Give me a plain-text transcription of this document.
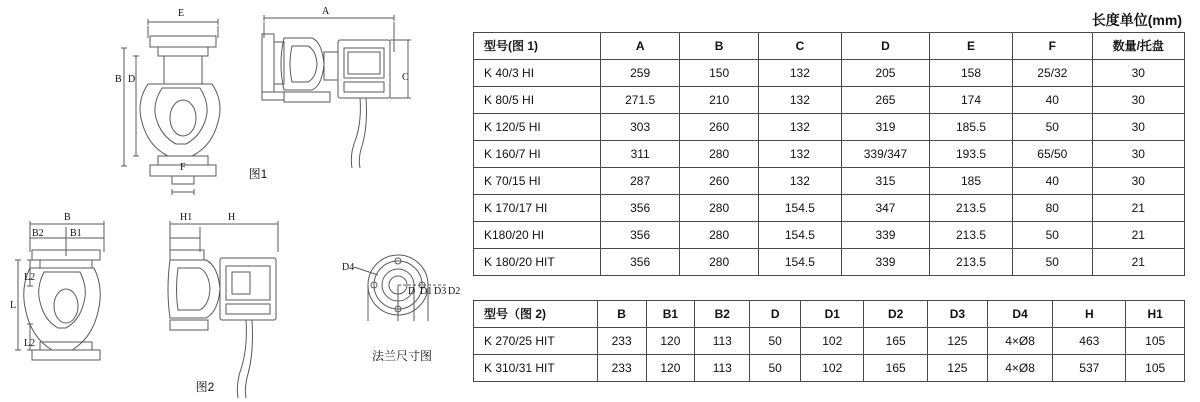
长度单位(mm)
E
D
B
F
A
C
图1
B
B2	B1
L2
L
L2
H1	H
图2
D4
D D1 D3 D2
法兰尺寸图
型号(图 1)	A	B	C	D	E	F	数量/托盘
K 40/3 HI	259	150	132	205	158	25/32	30
K 80/5 HI	271.5	210	132	265	174	40	30
K 120/5 HI	303	260	132	319	185.5	50	30
K 160/7 HI	311	280	132	339/347	193.5	65/50	30
K 70/15 HI	287	260	132	315	185	40	30
K 170/17 HI	356	280	154.5	347	213.5	80	21
K180/20 HI	356	280	154.5	339	213.5	50	21
K 180/20 HIT	356	280	154.5	339	213.5	50	21
型号（图 2)	B	B1	B2	D	D1	D2	D3	D4	H	H1
K 270/25 HIT	233	120	113	50	102	165	125	4×Ø8	463	105
K 310/31 HIT	233	120	113	50	102	165	125	4×Ø8	537	105
